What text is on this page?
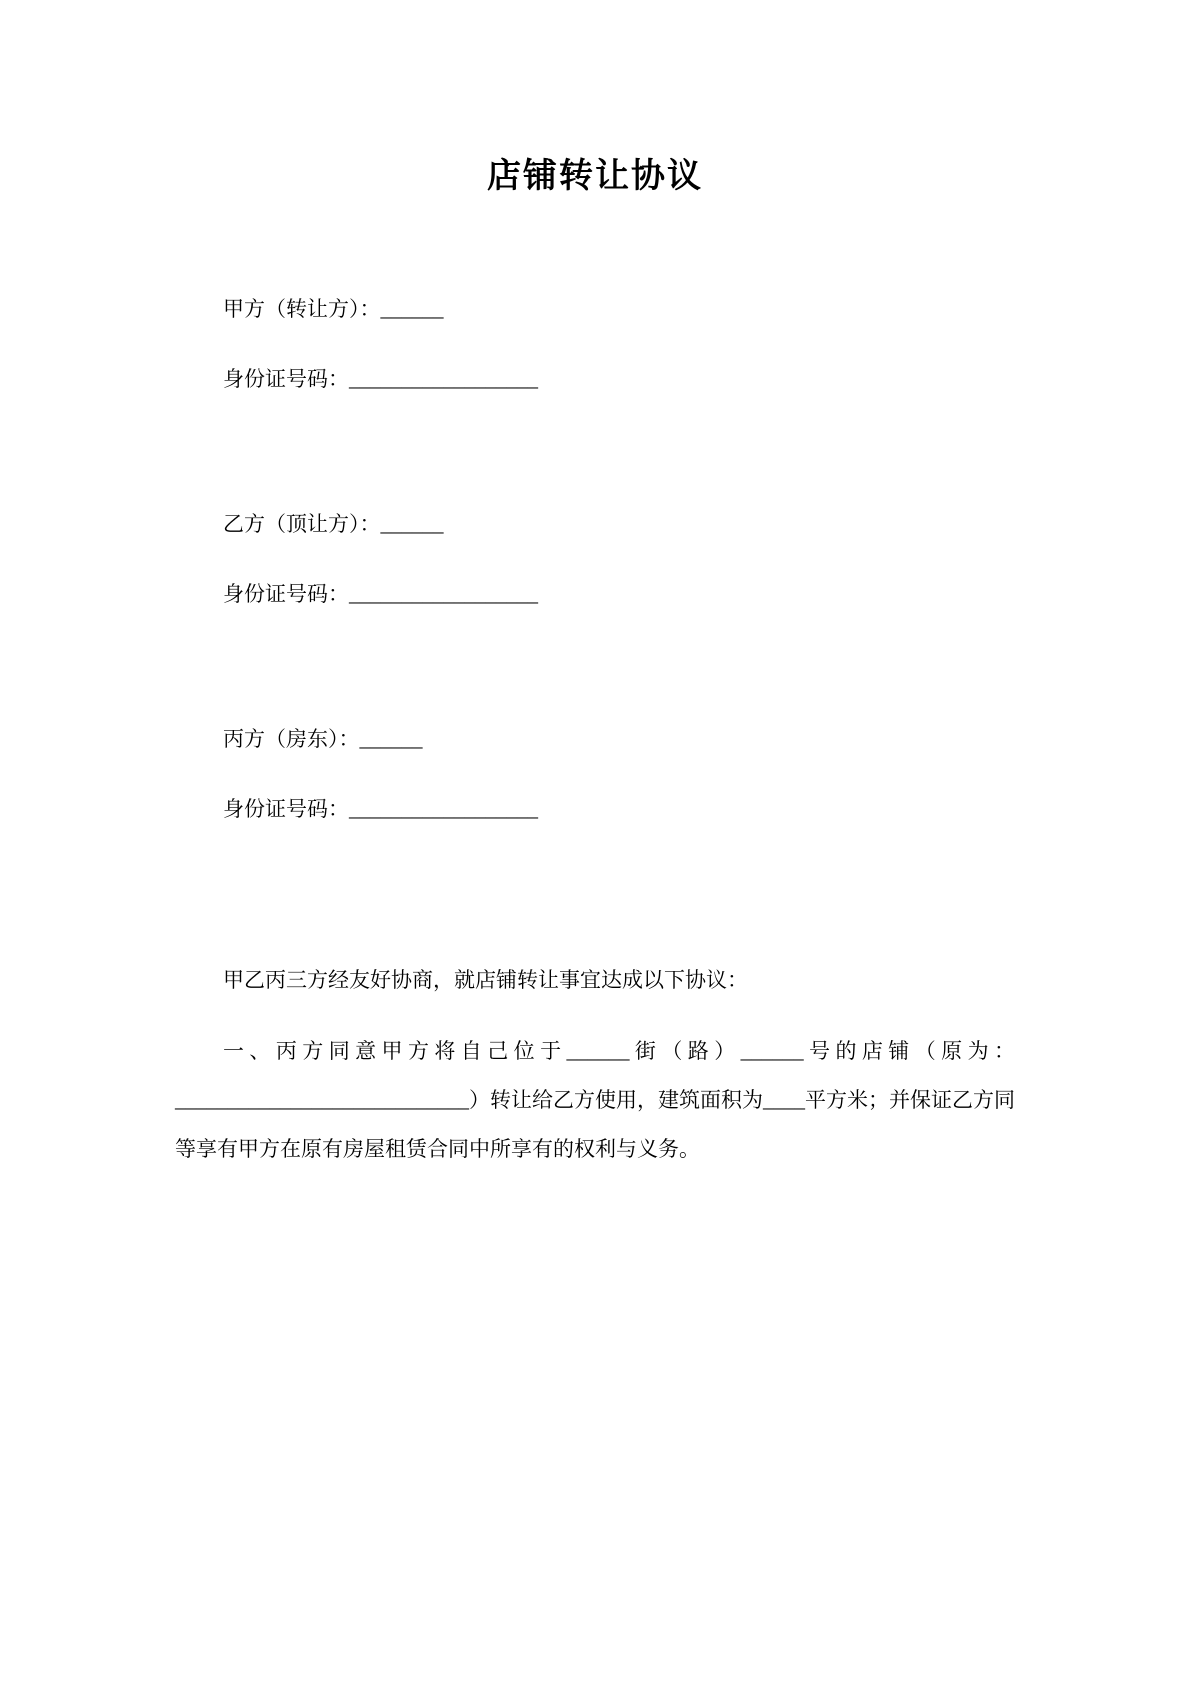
店铺转让协议

甲方（转让方）：______

身份证号码：__________________

乙方（顶让方）：______

身份证号码：__________________

丙方（房东）：______

身份证号码：__________________

甲乙丙三方经友好协商，就店铺转让事宜达成以下协议：

一、丙方同意甲方将自己位于______街（路）______号的店铺（原为：____________________________）转让给乙方使用，建筑面积为____平方米；并保证乙方同等享有甲方在原有房屋租赁合同中所享有的权利与义务。
